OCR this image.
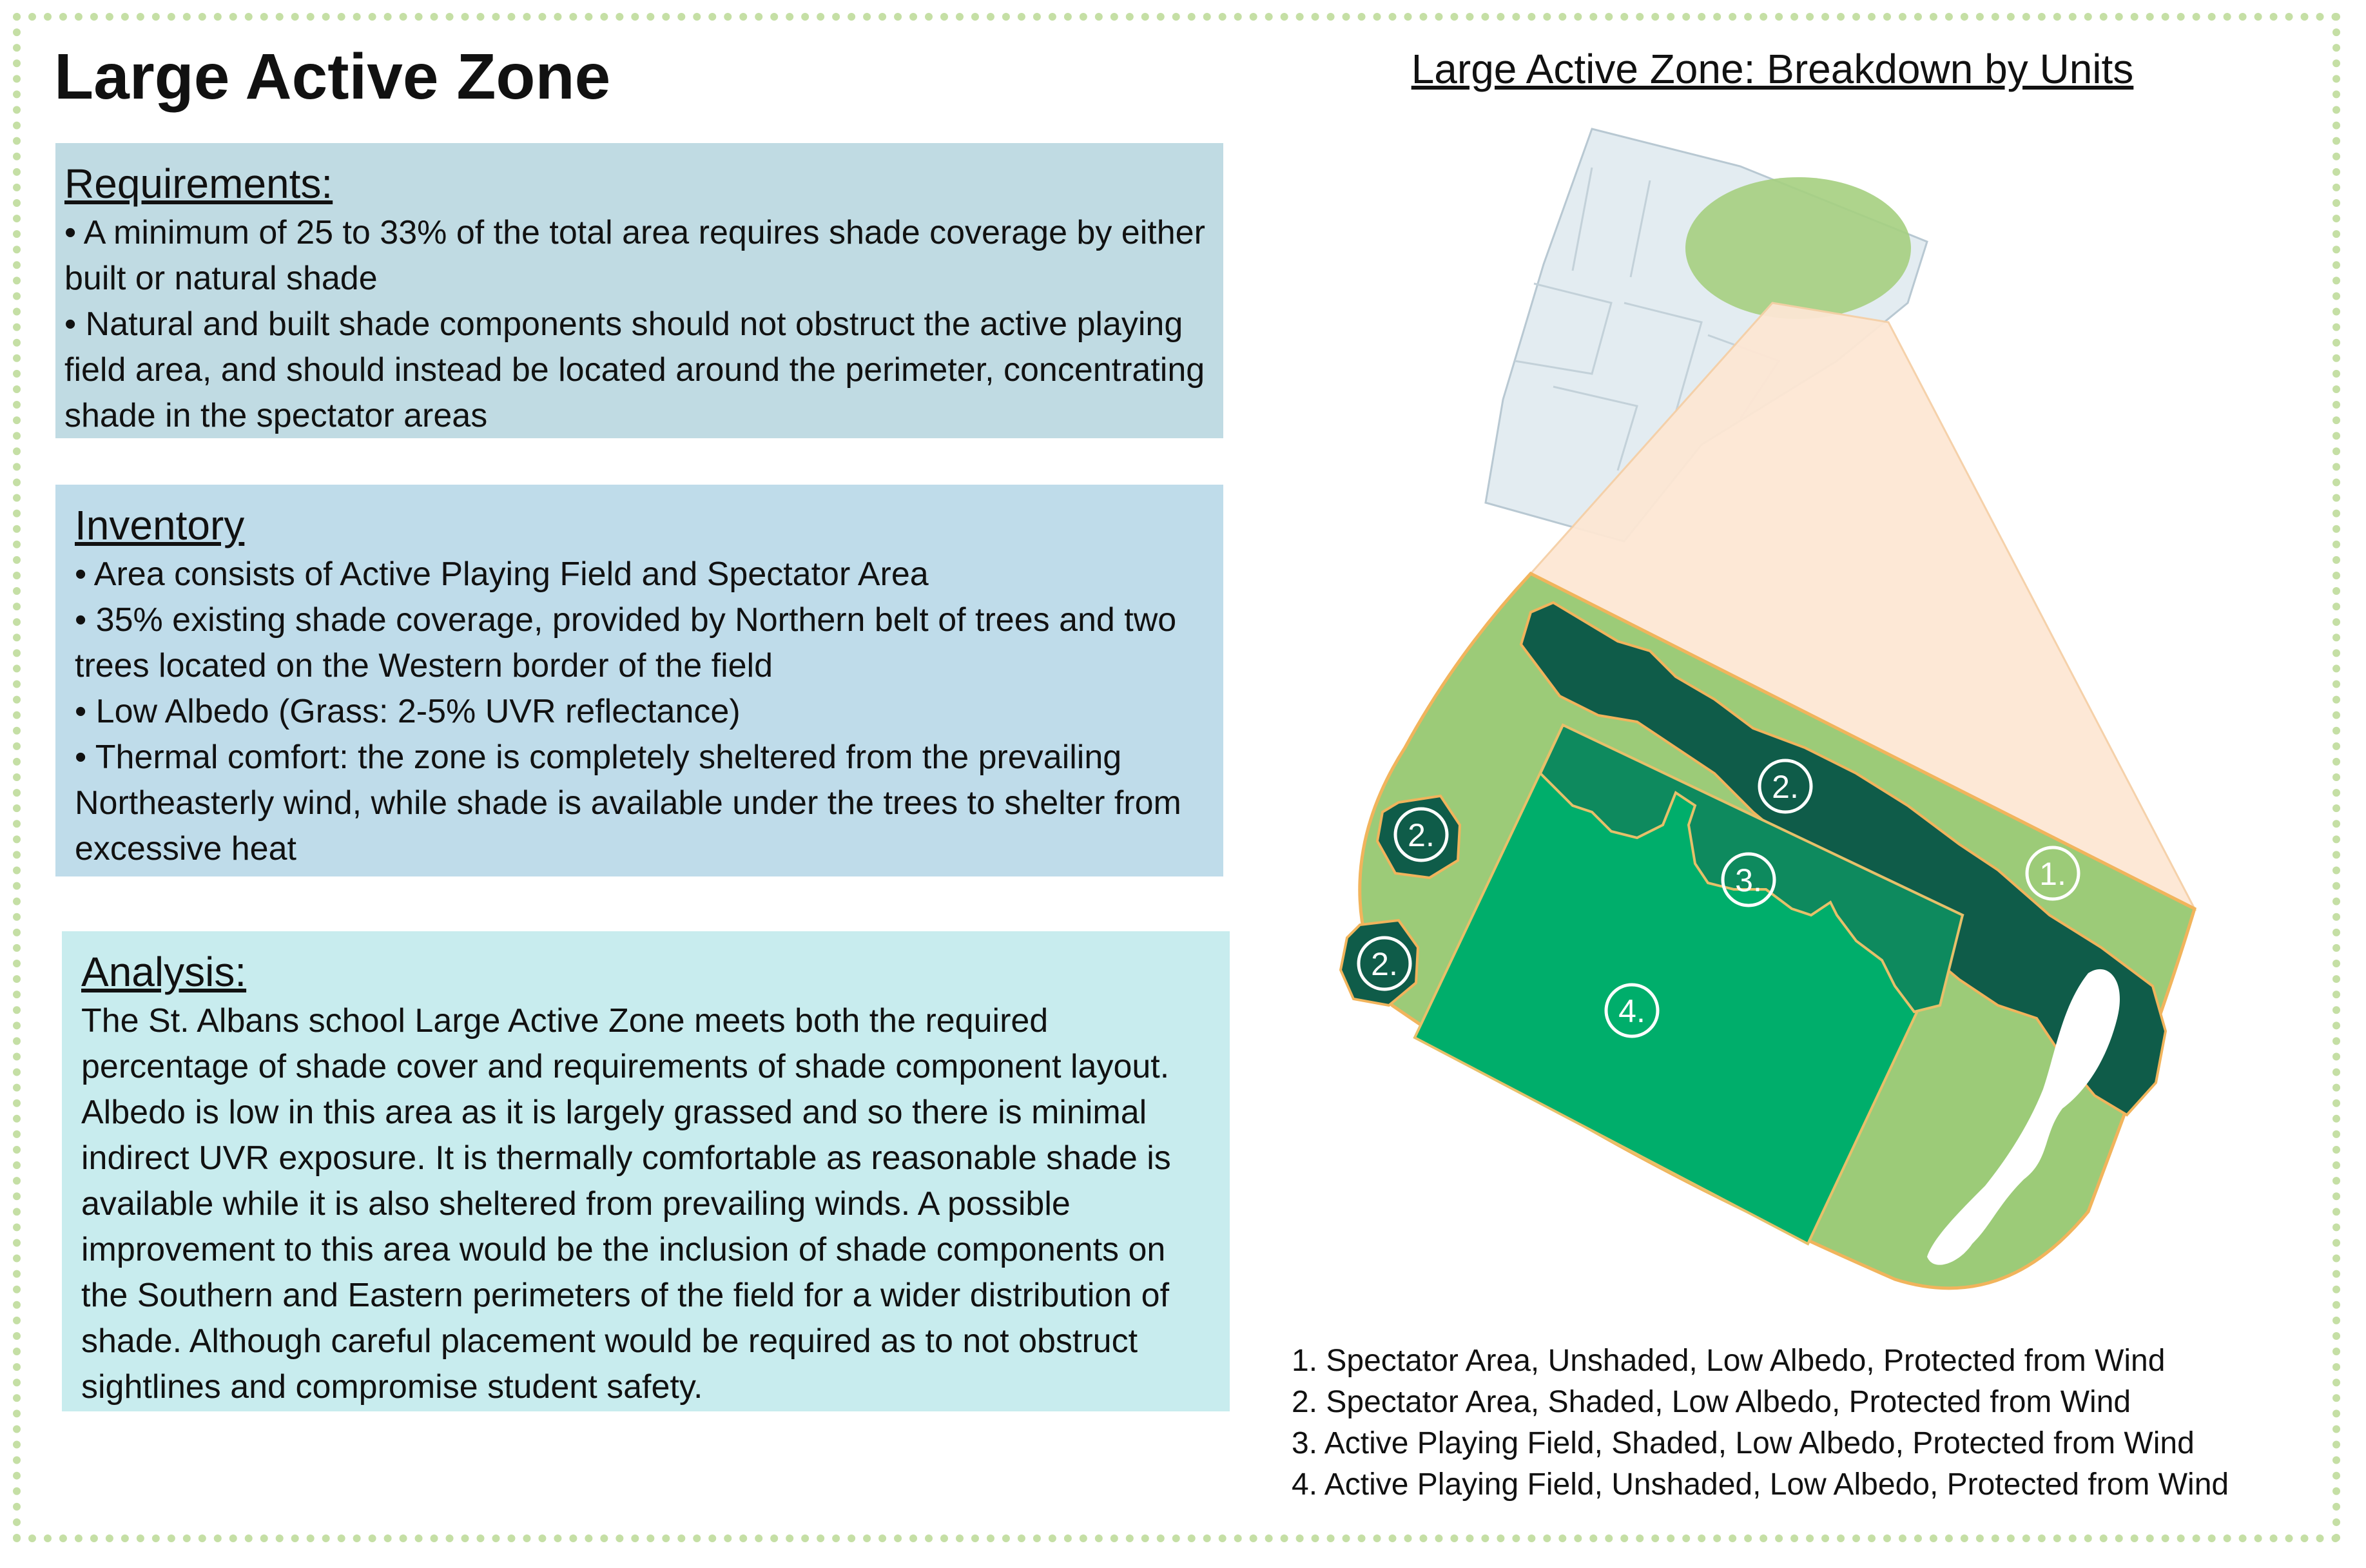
Large Active Zone
Requirements:

• A minimum of 25 to 33% of the total area requires shade coverage by either built or natural shade

• Natural and built shade components should not obstruct the active playing field area, and should instead be located around the perimeter, concentrating shade in the spectator areas

Inventory

• Area consists of Active Playing Field and Spectator Area

• 35% existing shade coverage, provided by Northern belt of trees and two trees located on the Western border of the field

• Low Albedo (Grass: 2-5% UVR reflectance)

• Thermal comfort: the zone is completely sheltered from the prevailing Northeasterly wind, while shade is available under the trees to shelter from excessive heat

Analysis:

The St. Albans school Large Active Zone meets both the required percentage of shade cover and requirements of shade component layout. Albedo is low in this area as it is largely grassed and so there is minimal indirect UVR exposure. It is thermally comfortable as reasonable shade is available while it is also sheltered from prevailing winds. A possible improvement to this area would be the inclusion of shade components on the Southern and Eastern perimeters of the field for a wider distribution of shade. Although careful placement would be required as to not obstruct sightlines and compromise student safety.

Large Active Zone: Breakdown by Units
2.
1.
2.
2.
3.
4.
1.
1. Spectator Area, Unshaded, Low Albedo, Protected from Wind
2. Spectator Area, Shaded, Low Albedo, Protected from Wind
3. Active Playing Field, Shaded, Low Albedo, Protected from Wind
4. Active Playing Field, Unshaded, Low Albedo, Protected from Wind
